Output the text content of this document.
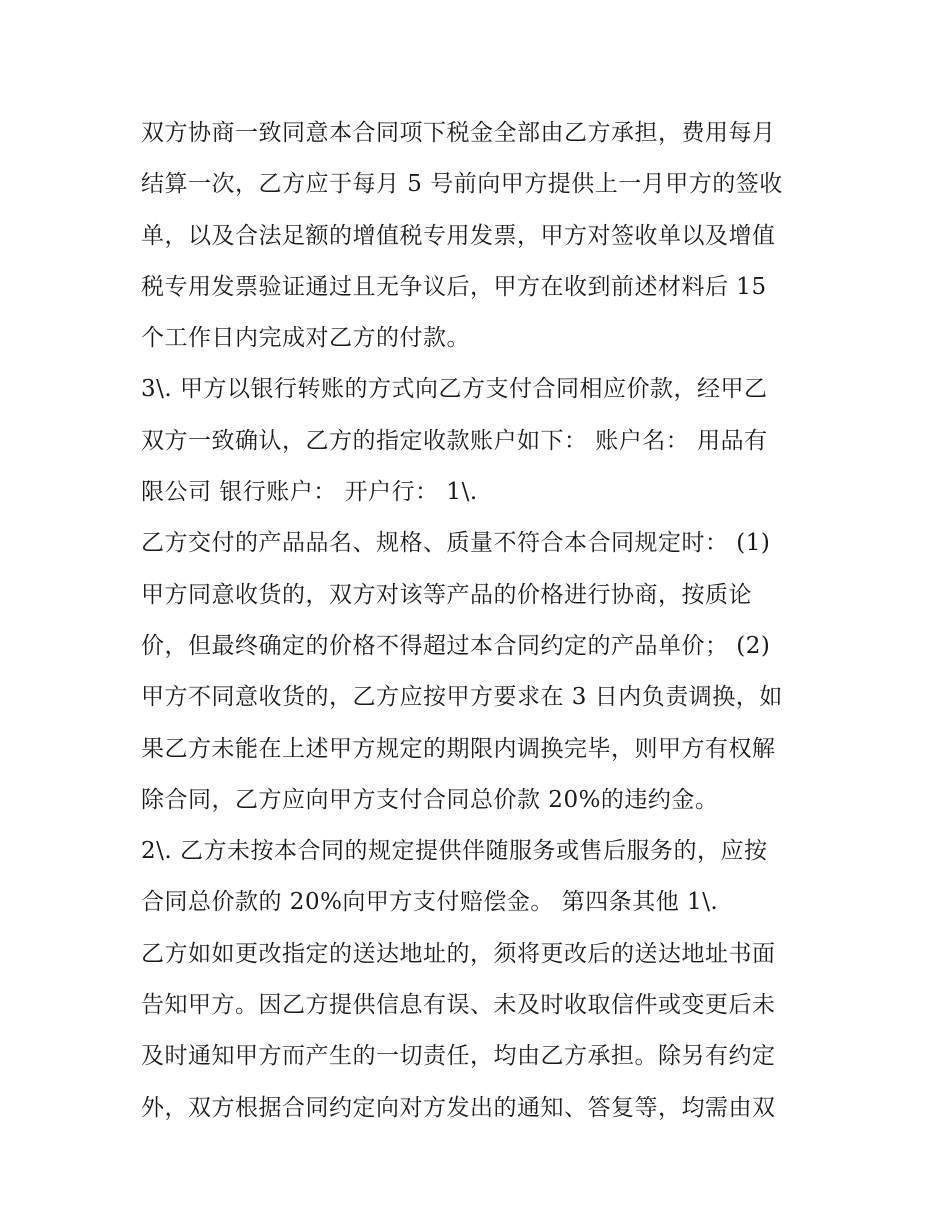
双方协商一致同意本合同项下税金全部由乙方承担，费用每月
结算一次，乙方应于每月 5 号前向甲方提供上一月甲方的签收
单，以及合法足额的增值税专用发票，甲方对签收单以及增值
税专用发票验证通过且无争议后，甲方在收到前述材料后 15
个工作日内完成对乙方的付款。
3\. 甲方以银行转账的方式向乙方支付合同相应价款，经甲乙
双方一致确认，乙方的指定收款账户如下： 账户名： 用品有
限公司 银行账户： 开户行： 1\.
乙方交付的产品品名、规格、质量不符合本合同规定时： (1)
甲方同意收货的，双方对该等产品的价格进行协商，按质论
价，但最终确定的价格不得超过本合同约定的产品单价； (2)
甲方不同意收货的，乙方应按甲方要求在 3 日内负责调换，如
果乙方未能在上述甲方规定的期限内调换完毕，则甲方有权解
除合同，乙方应向甲方支付合同总价款 20%的违约金。
2\. 乙方未按本合同的规定提供伴随服务或售后服务的，应按
合同总价款的 20%向甲方支付赔偿金。 第四条其他 1\.
乙方如如更改指定的送达地址的，须将更改后的送达地址书面
告知甲方。因乙方提供信息有误、未及时收取信件或变更后未
及时通知甲方而产生的一切责任，均由乙方承担。除另有约定
外，双方根据合同约定向对方发出的通知、答复等，均需由双
